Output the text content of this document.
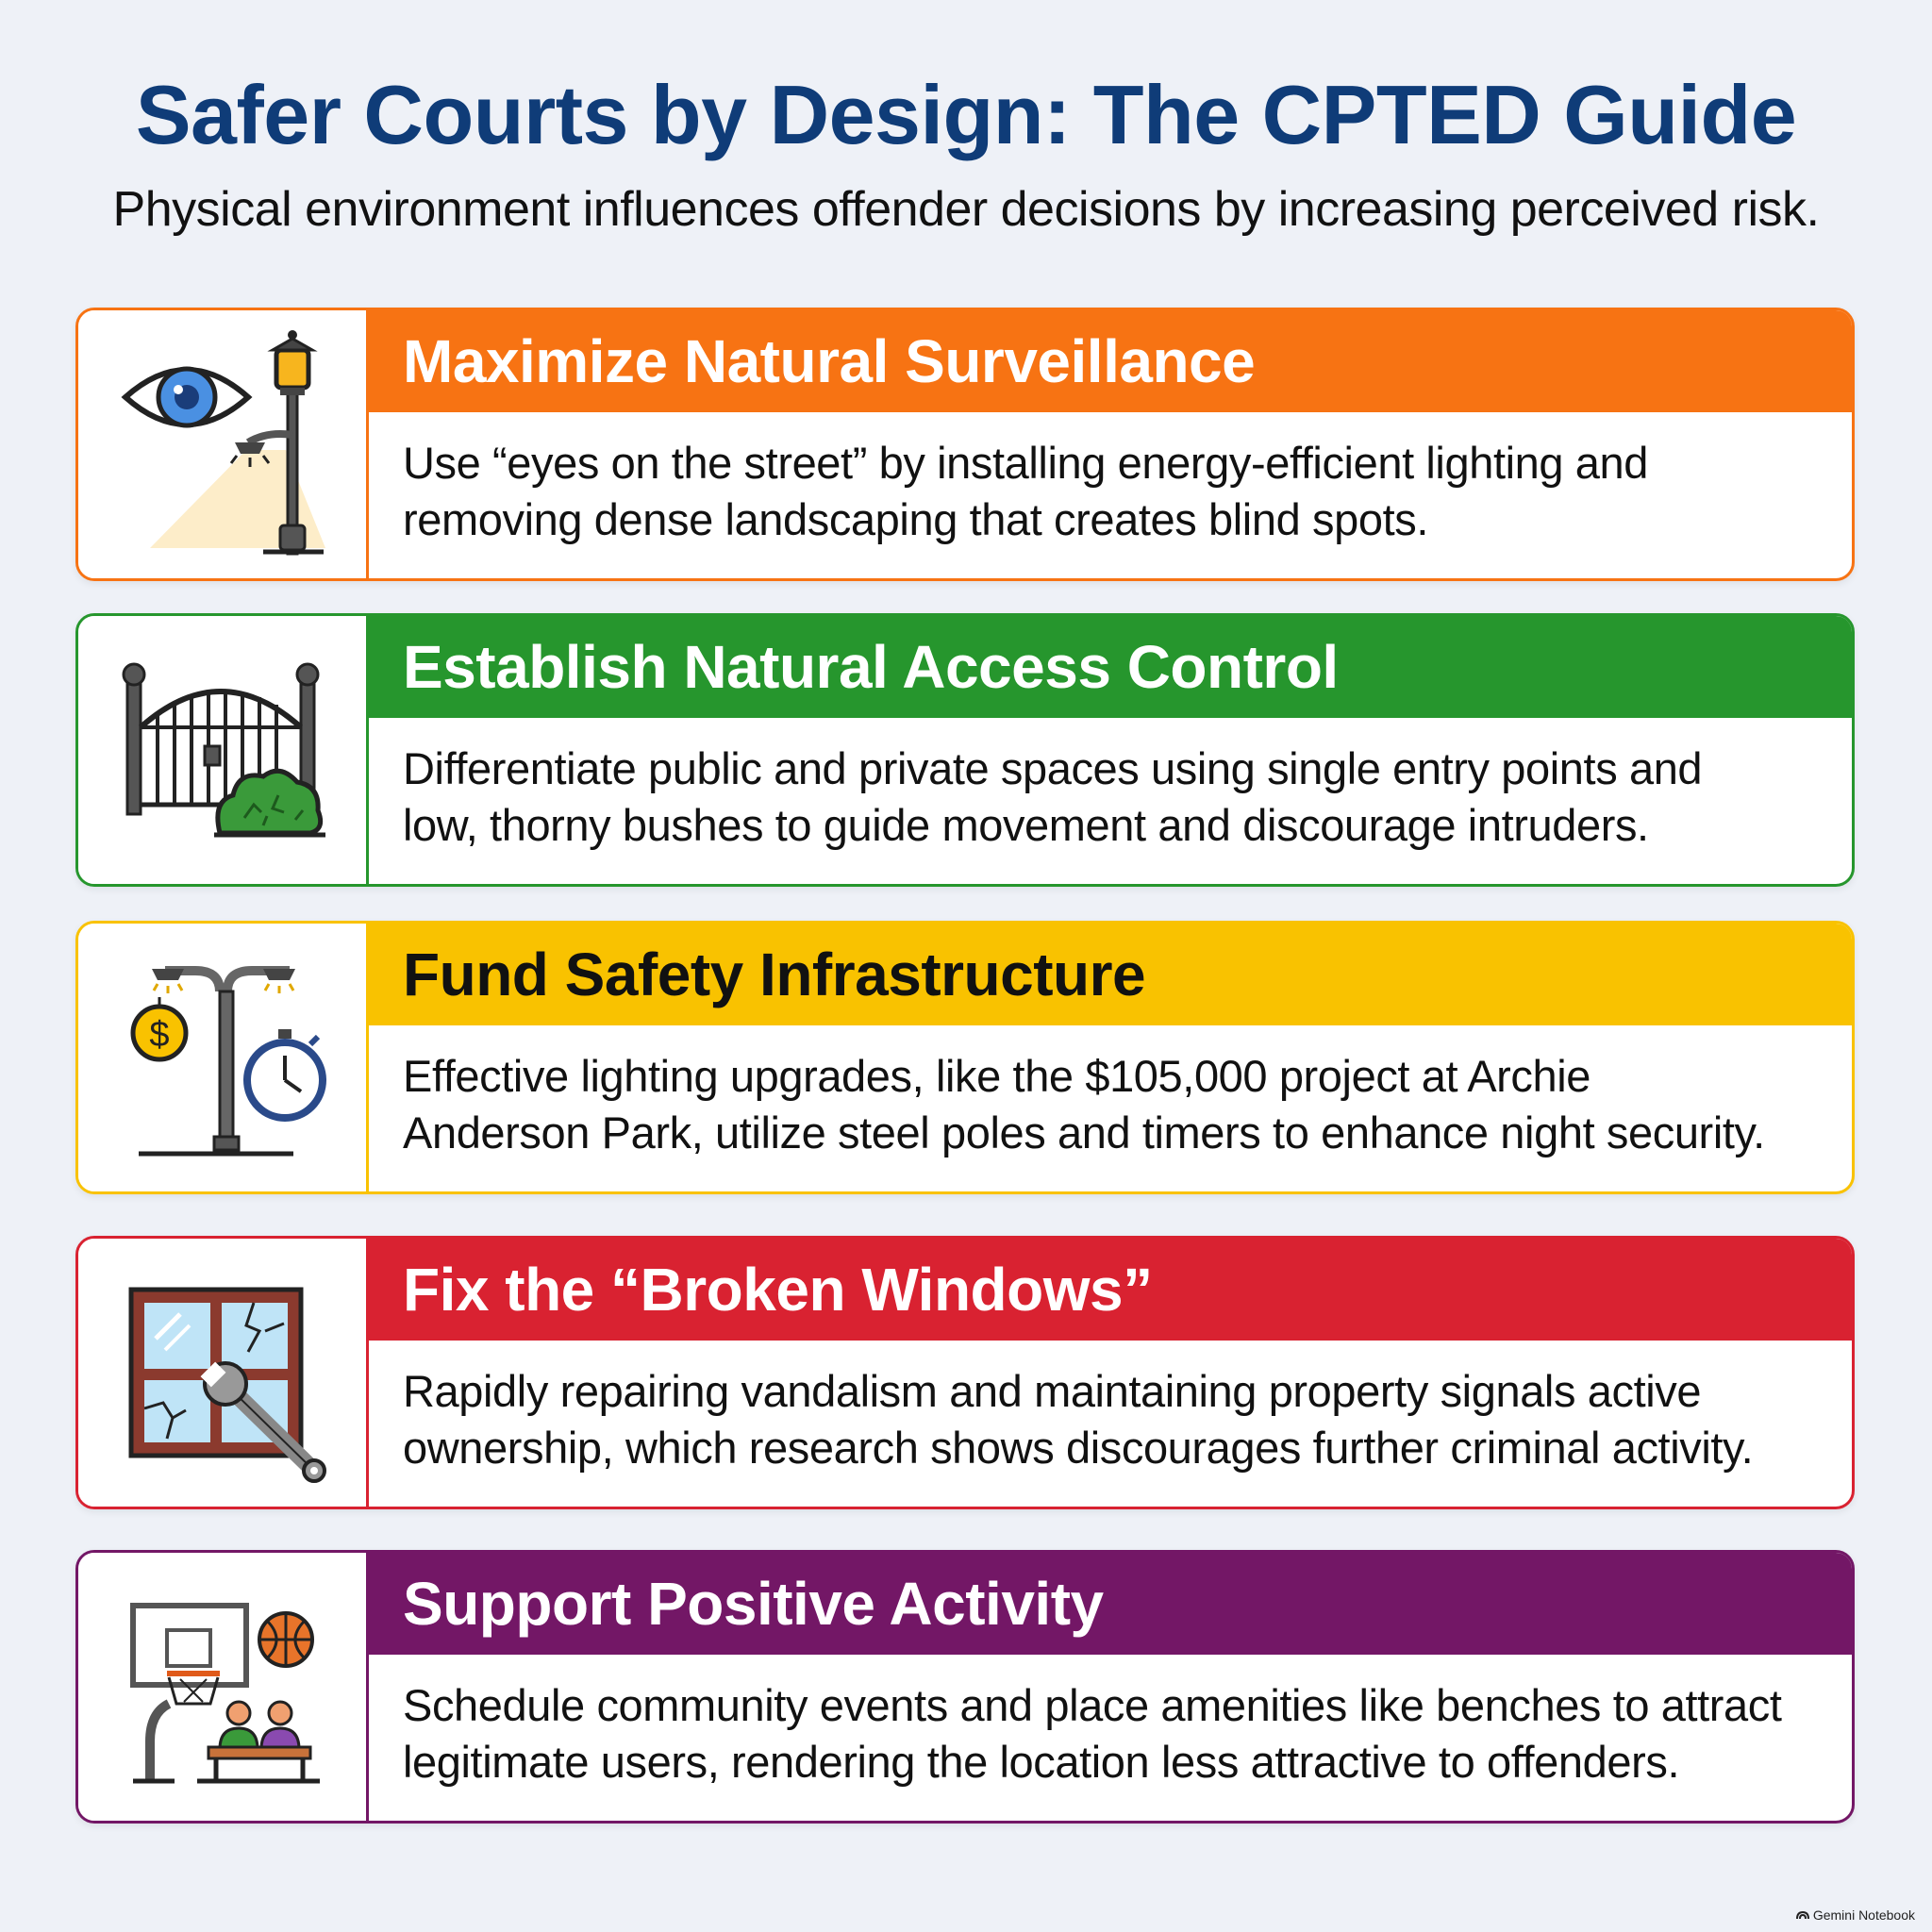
Safer Courts by Design: The CPTED Guide
Physical environment influences offender decisions by increasing perceived risk.
Maximize Natural Surveillance
Use “eyes on the street” by installing energy-efficient lighting and
removing dense landscaping that creates blind spots.
Establish Natural Access Control
Differentiate public and private spaces using single entry points and
low, thorny bushes to guide movement and discourage intruders.
$
Fund Safety Infrastructure
Effective lighting upgrades, like the $105,000 project at Archie
Anderson Park, utilize steel poles and timers to enhance night security.
Fix the “Broken Windows”
Rapidly repairing vandalism and maintaining property signals active
ownership, which research shows discourages further criminal activity.
Support Positive Activity
Schedule community events and place amenities like benches to attract
legitimate users, rendering the location less attractive to offenders.
Gemini Notebook
